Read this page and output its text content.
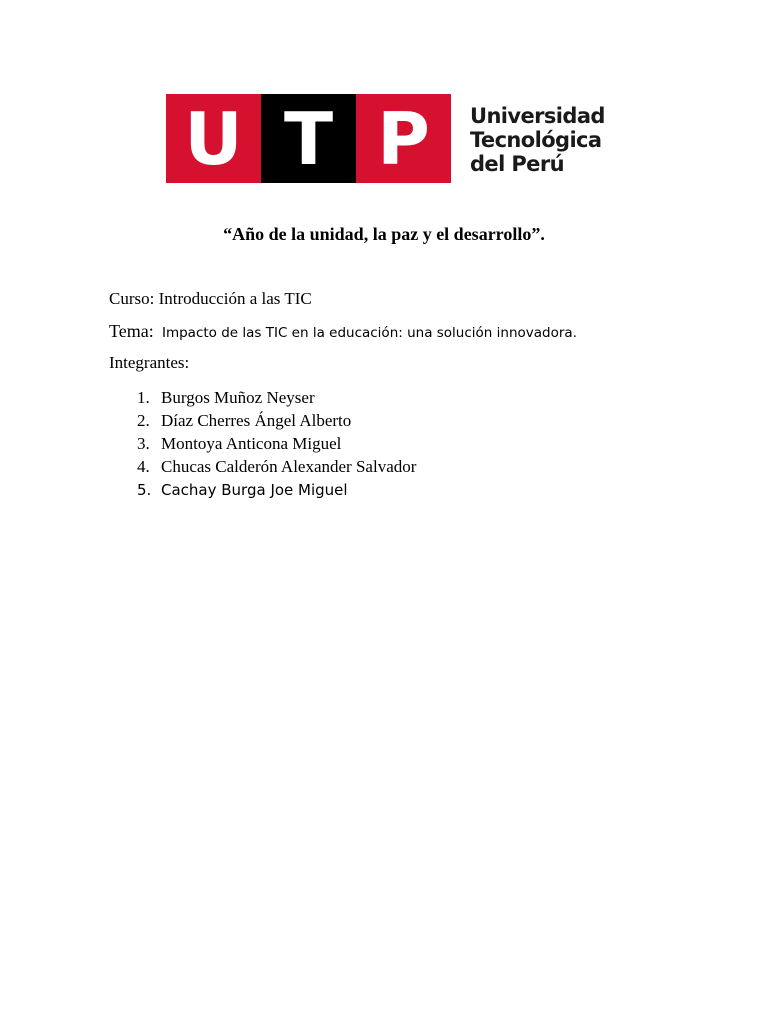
U T P Universidad
Tecnológica
del Perú
“Año de la unidad, la paz y el desarrollo”.
Curso: Introducción a las TIC
Tema: Impacto de las TIC en la educación: una solución innovadora.
Integrantes:
1. Burgos Muñoz Neyser
2. Díaz Cherres Ángel Alberto
3. Montoya Anticona Miguel
4. Chucas Calderón Alexander Salvador
5. Cachay Burga Joe Miguel
